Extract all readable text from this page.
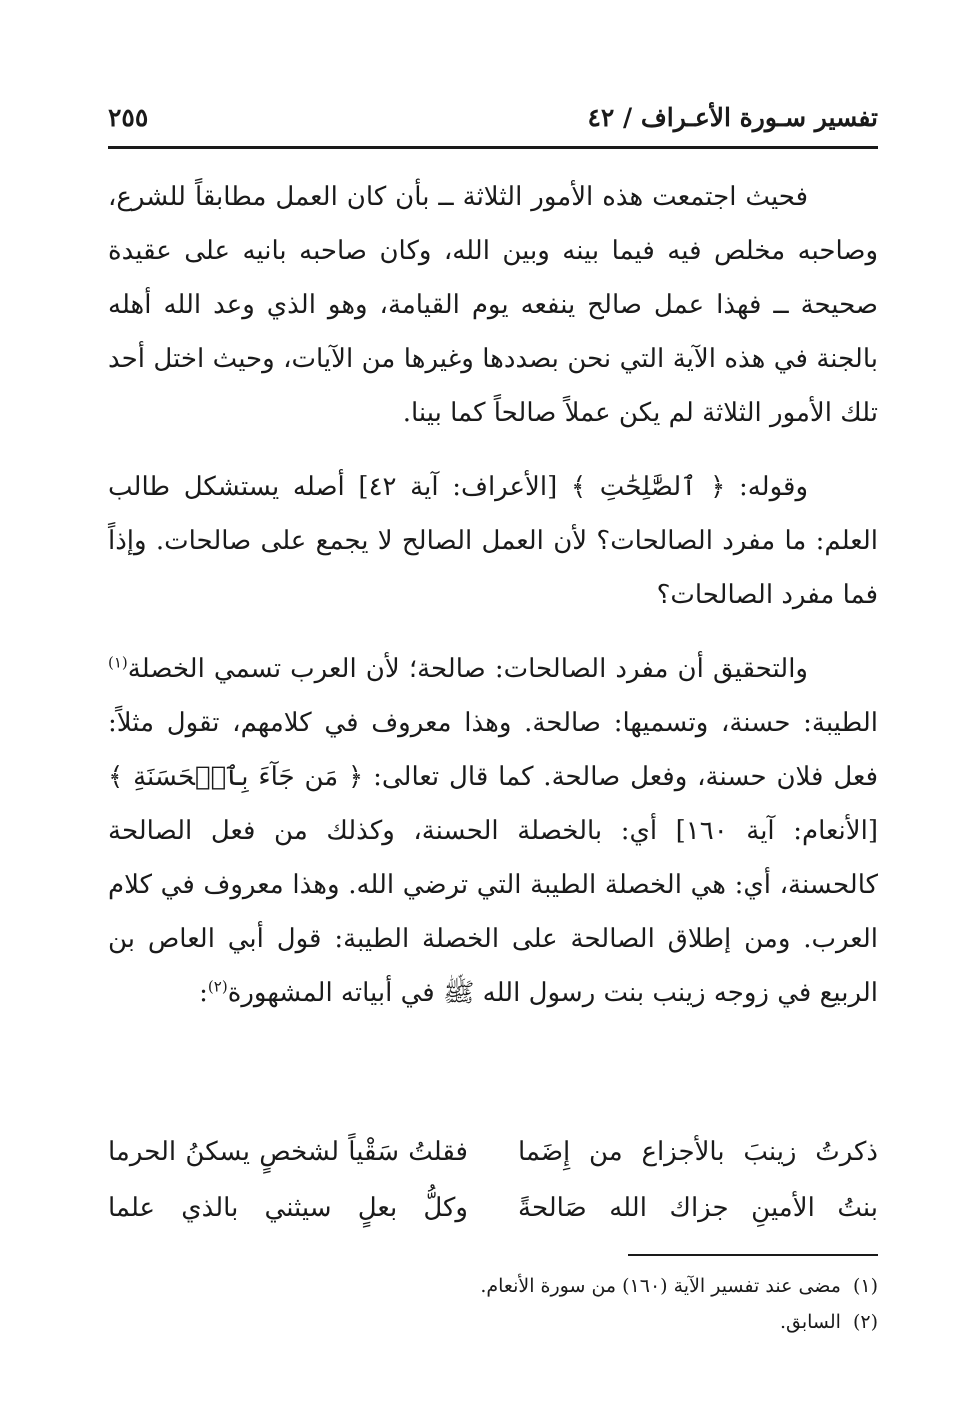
تفسير سـورة الأعـراف / ٤٢
٢٥٥

فحيث اجتمعت هذه الأمور الثلاثة ــ بأن كان العمل مطابقاً للشرع، وصاحبه مخلص فيه فيما بينه وبين الله، وكان صاحبه بانيه على عقيدة صحيحة ــ فهذا عمل صالح ينفعه يوم القيامة، وهو الذي وعد الله أهله بالجنة في هذه الآية التي نحن بصددها وغيرها من الآيات، وحيث اختل أحد تلك الأمور الثلاثة لم يكن عملاً صالحاً كما بينا.

وقوله: ﴿ ٱلصَّٰلِحَٰتِ ﴾ [الأعراف: آية ٤٢] أصله يستشكل طالب العلم: ما مفرد الصالحات؟ لأن العمل الصالح لا يجمع على صالحات. وإذاً فما مفرد الصالحات؟

والتحقيق أن مفرد الصالحات: صالحة؛ لأن العرب تسمي الخصلة$^{(١)}$ الطيبة: حسنة، وتسميها: صالحة. وهذا معروف في كلامهم، تقول مثلاً: فعل فلان حسنة، وفعل صالحة. كما قال تعالى: ﴿ مَن جَآءَ بِٱلۡحَسَنَةِ ﴾ [الأنعام: آية ١٦٠] أي: بالخصلة الحسنة، وكذلك من فعل الصالحة كالحسنة، أي: هي الخصلة الطيبة التي ترضي الله. وهذا معروف في كلام العرب. ومن إطلاق الصالحة على الخصلة الطيبة: قول أبي العاص بن الربيع في زوجه زينب بنت رسول الله ﷺ في أبياته المشهورة$^{(٢)}$:

ذكرتُ زينبَ بالأجزاع من إِضَما
فقلتُ سَقْياً لشخصٍ يسكنُ الحرما
بنتُ الأمينِ جزاك الله صَالحةً
وكلُّ بعلٍ سيثني بالذي علما
(١)مضى عند تفسير الآية (١٦٠) من سورة الأنعام.
(٢)السابق.
